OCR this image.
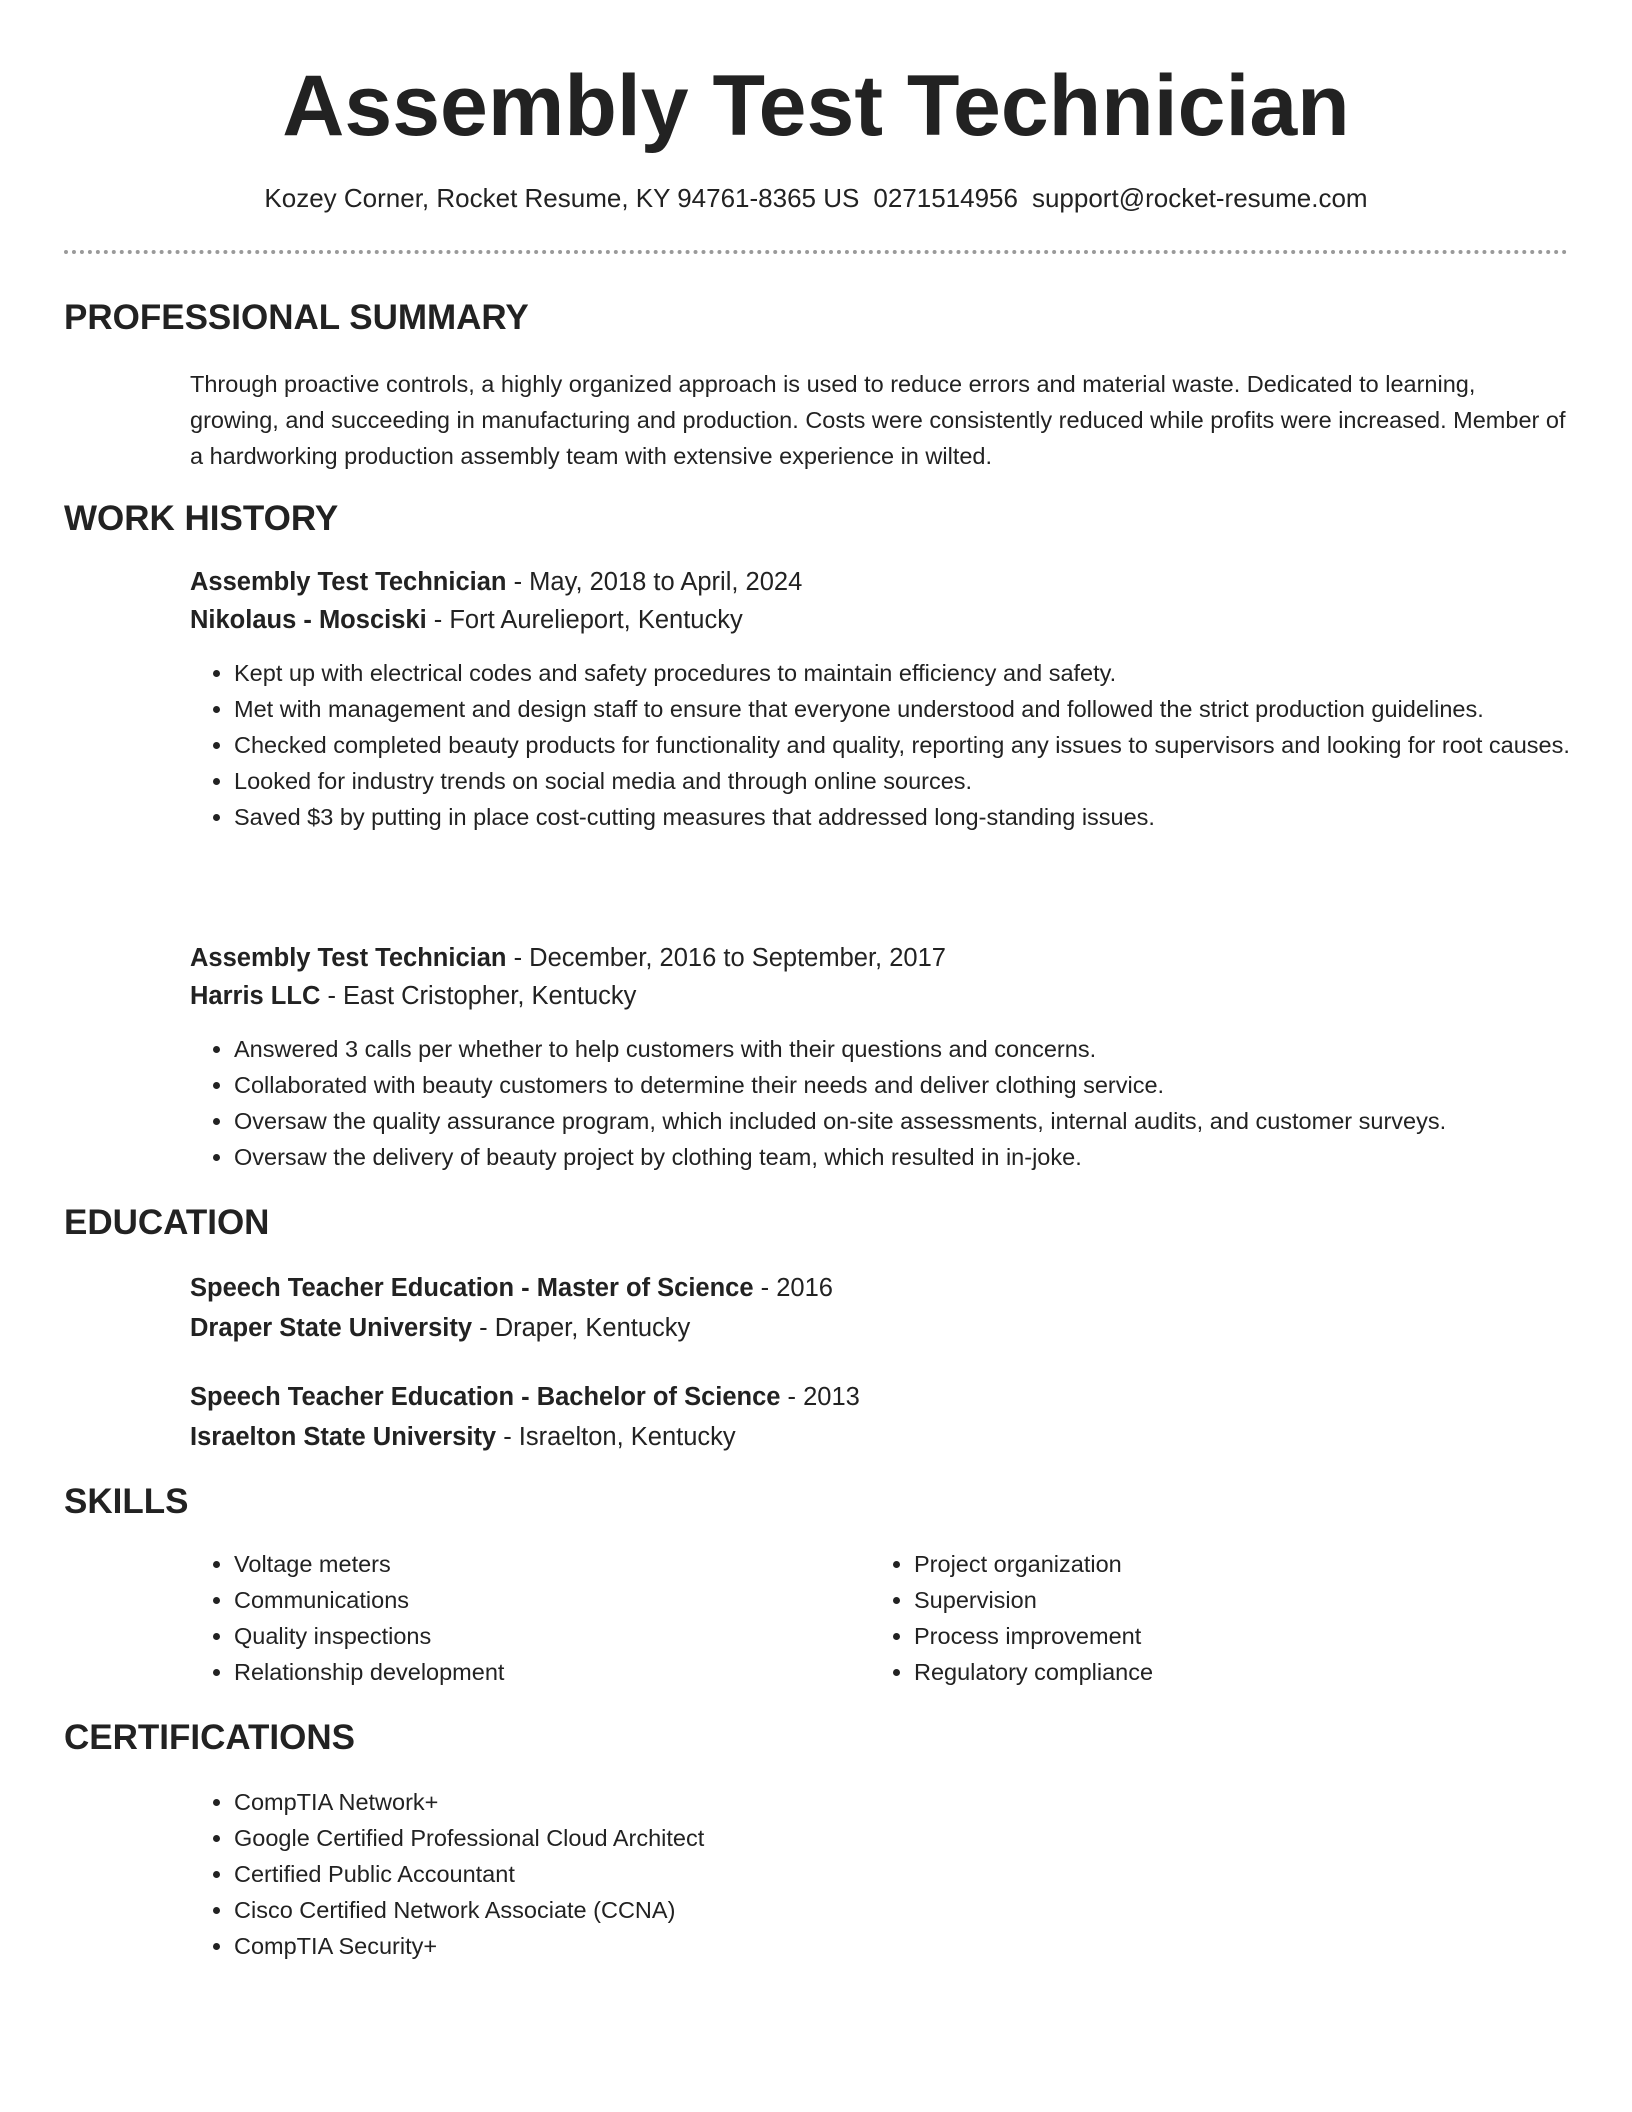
Assembly Test Technician
Kozey Corner, Rocket Resume, KY 94761-8365 US 0271514956 support@rocket-resume.com
PROFESSIONAL SUMMARY

Through proactive controls, a highly organized approach is used to reduce errors and material waste. Dedicated to learning, growing, and succeeding in manufacturing and production. Costs were consistently reduced while profits were increased. Member of a hardworking production assembly team with extensive experience in wilted.

WORK HISTORY
Assembly Test Technician - May, 2018 to April, 2024
Nikolaus - Mosciski - Fort Aurelieport, Kentucky
• Kept up with electrical codes and safety procedures to maintain efficiency and safety.
• Met with management and design staff to ensure that everyone understood and followed the strict production guidelines.
• Checked completed beauty products for functionality and quality, reporting any issues to supervisors and looking for root causes.
• Looked for industry trends on social media and through online sources.
• Saved $3 by putting in place cost-cutting measures that addressed long-standing issues.
Assembly Test Technician - December, 2016 to September, 2017
Harris LLC - East Cristopher, Kentucky
• Answered 3 calls per whether to help customers with their questions and concerns.
• Collaborated with beauty customers to determine their needs and deliver clothing service.
• Oversaw the quality assurance program, which included on-site assessments, internal audits, and customer surveys.
• Oversaw the delivery of beauty project by clothing team, which resulted in in-joke.
EDUCATION
Speech Teacher Education - Master of Science - 2016
Draper State University - Draper, Kentucky
Speech Teacher Education - Bachelor of Science - 2013
Israelton State University - Israelton, Kentucky
SKILLS
• Voltage meters
• Communications
• Quality inspections
• Relationship development
• Project organization
• Supervision
• Process improvement
• Regulatory compliance
CERTIFICATIONS
• CompTIA Network+
• Google Certified Professional Cloud Architect
• Certified Public Accountant
• Cisco Certified Network Associate (CCNA)
• CompTIA Security+
